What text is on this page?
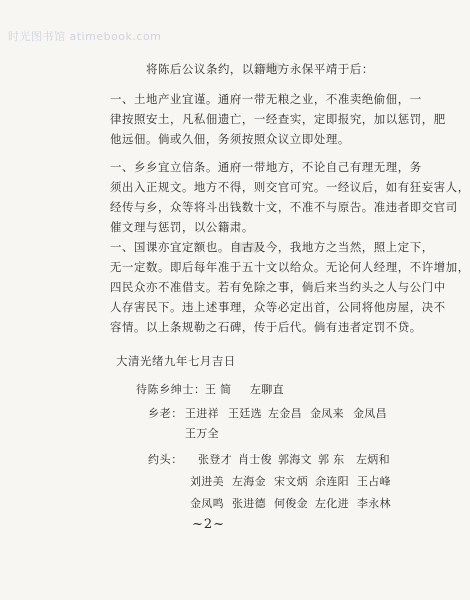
时光图书馆 atimebook.com
将陈后公议条约，以籍地方永保平靖于后：
一、土地产业宜谨。通府一带无粮之业，不准卖绝偷佃，一
律按照安土，凡私佃遗亡，一经查实，定即报究，加以惩罚，肥
他远佃。倘或久佃，务须按照众议立即处理。
一、乡乡宜立信条。通府一带地方，不论自己有理无理，务
须出入正规文。地方不得，则交官可究。一经议后，如有狂妄害人，
经传与乡，众等将斗出钱数十文，不准不与原告。准违者即交官司
催文理与惩罚，以公籍肃。
一、国课亦宜定额也。自古及今，我地方之当然，照上定下，
无一定数。即后每年准于五十文以给众。无论何人经理，不许增加，
四民众亦不准借支。若有免除之事，倘后来当约头之人与公门中
人存害民下。违上述事理，众等必定出首，公同将他房屋，决不
容情。以上条规勒之石碑，传于后代。倘有违者定罚不贷。
大清光绪九年七月吉日
待陈乡绅士： 王 简 左聊直
乡老： 王进祥 王廷选 左金昌 金凤来 金凤昌
王万全
约头： 张登才 肖士俊 郭海文 郭 东 左炳和
刘进美 左海金 宋文炳 余连阳 王占峰
金凤鸣 张进德 何俊金 左化进 李永林
~2~
